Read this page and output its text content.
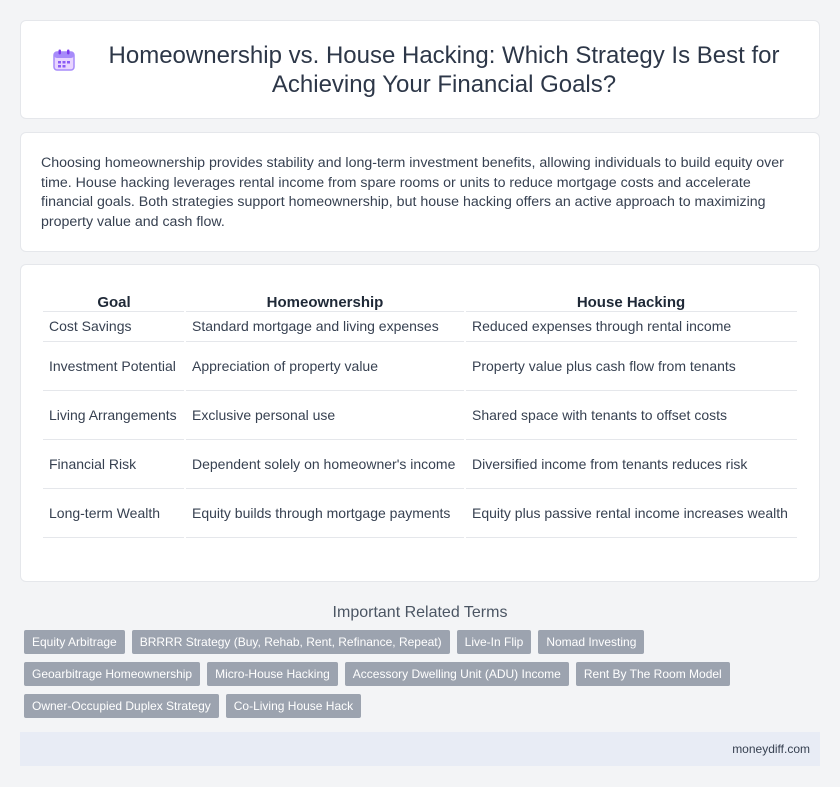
Homeownership vs. House Hacking: Which Strategy Is Best for Achieving Your Financial Goals?

Choosing homeownership provides stability and long-term investment benefits, allowing individuals to build equity over time. House hacking leverages rental income from spare rooms or units to reduce mortgage costs and accelerate financial goals. Both strategies support homeownership, but house hacking offers an active approach to maximizing property value and cash flow.

Goal	Homeownership	House Hacking
Cost Savings	Standard mortgage and living expenses	Reduced expenses through rental income
Investment Potential	Appreciation of property value	Property value plus cash flow from tenants
Living Arrangements	Exclusive personal use	Shared space with tenants to offset costs
Financial Risk	Dependent solely on homeowner's income	Diversified income from tenants reduces risk
Long-term Wealth	Equity builds through mortgage payments	Equity plus passive rental income increases wealth
Important Related Terms
Equity Arbitrage	BRRRR Strategy (Buy, Rehab, Rent, Refinance, Repeat)	Live-In Flip	Nomad Investing
Geoarbitrage Homeownership	Micro-House Hacking	Accessory Dwelling Unit (ADU) Income	Rent By The Room Model
Owner-Occupied Duplex Strategy	Co-Living House Hack
moneydiff.com
